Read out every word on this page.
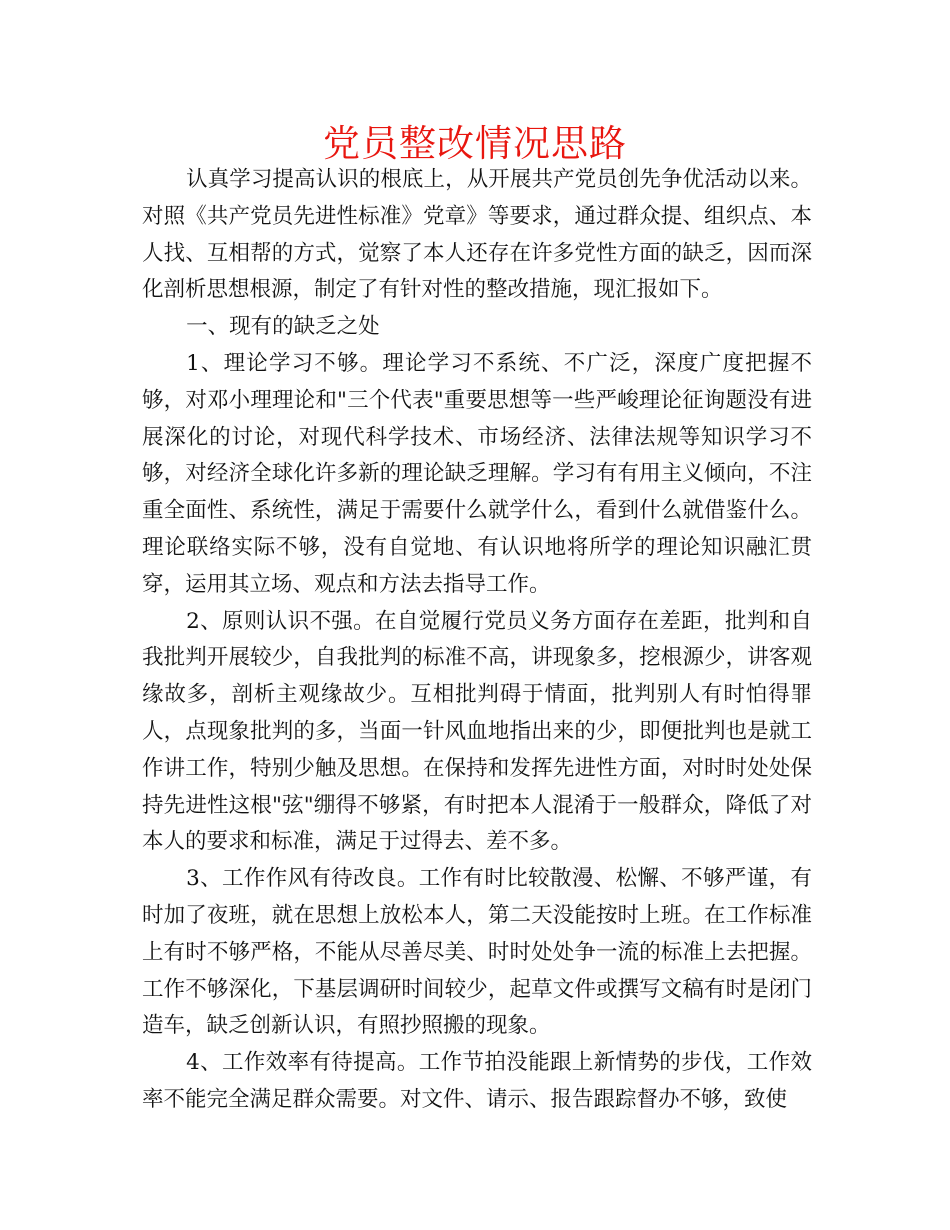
党员整改情况思路

认真学习提高认识的根底上，从开展共产党员创先争优活动以来。对照《共产党员先进性标准》党章》等要求，通过群众提、组织点、本人找、互相帮的方式，觉察了本人还存在许多党性方面的缺乏，因而深化剖析思想根源，制定了有针对性的整改措施，现汇报如下。

一、现有的缺乏之处

1、理论学习不够。理论学习不系统、不广泛，深度广度把握不够，对邓小理理论和"三个代表"重要思想等一些严峻理论征询题没有进展深化的讨论，对现代科学技术、市场经济、法律法规等知识学习不够，对经济全球化许多新的理论缺乏理解。学习有有用主义倾向，不注重全面性、系统性，满足于需要什么就学什么，看到什么就借鉴什么。理论联络实际不够，没有自觉地、有认识地将所学的理论知识融汇贯穿，运用其立场、观点和方法去指导工作。

2、原则认识不强。在自觉履行党员义务方面存在差距，批判和自我批判开展较少，自我批判的标准不高，讲现象多，挖根源少，讲客观缘故多，剖析主观缘故少。互相批判碍于情面，批判别人有时怕得罪人，点现象批判的多，当面一针风血地指出来的少，即便批判也是就工作讲工作，特别少触及思想。在保持和发挥先进性方面，对时时处处保持先进性这根"弦"绷得不够紧，有时把本人混淆于一般群众，降低了对本人的要求和标准，满足于过得去、差不多。

3、工作作风有待改良。工作有时比较散漫、松懈、不够严谨，有时加了夜班，就在思想上放松本人，第二天没能按时上班。在工作标准上有时不够严格，不能从尽善尽美、时时处处争一流的标准上去把握。工作不够深化，下基层调研时间较少，起草文件或撰写文稿有时是闭门造车，缺乏创新认识，有照抄照搬的现象。

4、工作效率有待提高。工作节拍没能跟上新情势的步伐，工作效率不能完全满足群众需要。对文件、请示、报告跟踪督办不够，致使
